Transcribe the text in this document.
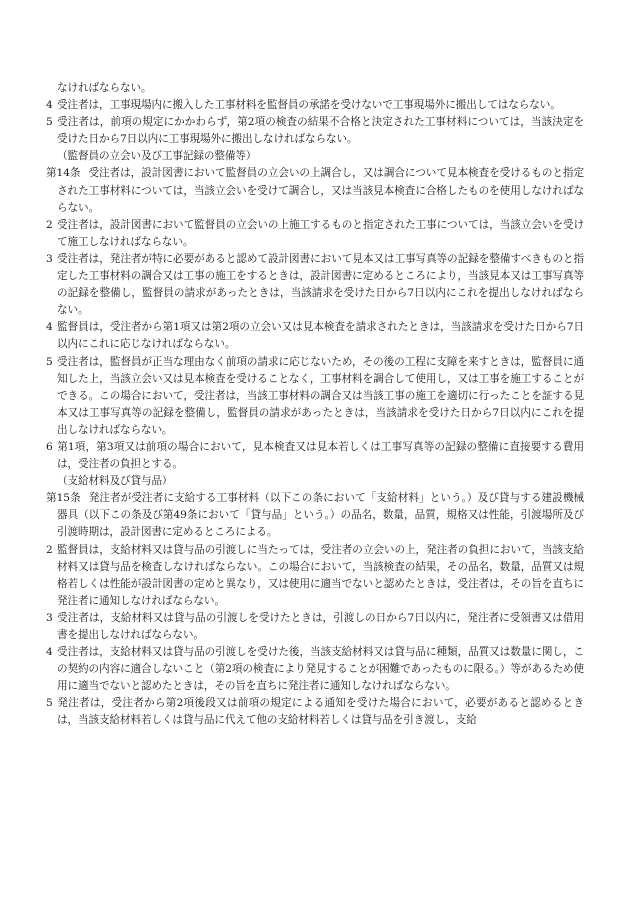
なければならない。

4 受注者は，工事現場内に搬入した工事材料を監督員の承諾を受けないで工事現場外に搬出してはならない。

5 受注者は，前項の規定にかかわらず，第2項の検査の結果不合格と決定された工事材料については，当該決定を受けた日から7日以内に工事現場外に搬出しなければならない。

（監督員の立会い及び工事記録の整備等）

第14条 受注者は，設計図書において監督員の立会いの上調合し，又は調合について見本検査を受けるものと指定された工事材料については，当該立会いを受けて調合し，又は当該見本検査に合格したものを使用しなければならない。

2 受注者は，設計図書において監督員の立会いの上施工するものと指定された工事については，当該立会いを受けて施工しなければならない。

3 受注者は，発注者が特に必要があると認めて設計図書において見本又は工事写真等の記録を整備すべきものと指定した工事材料の調合又は工事の施工をするときは，設計図書に定めるところにより，当該見本又は工事写真等の記録を整備し，監督員の請求があったときは，当該請求を受けた日から7日以内にこれを提出しなければならない。

4 監督員は，受注者から第1項又は第2項の立会い又は見本検査を請求されたときは，当該請求を受けた日から7日以内にこれに応じなければならない。

5 受注者は，監督員が正当な理由なく前項の請求に応じないため，その後の工程に支障を来すときは，監督員に通知した上，当該立会い又は見本検査を受けることなく，工事材料を調合して使用し，又は工事を施工することができる。この場合において，受注者は，当該工事材料の調合又は当該工事の施工を適切に行ったことを証する見本又は工事写真等の記録を整備し，監督員の請求があったときは，当該請求を受けた日から7日以内にこれを提出しなければならない。

6 第1項，第3項又は前項の場合において，見本検査又は見本若しくは工事写真等の記録の整備に直接要する費用は，受注者の負担とする。

（支給材料及び貸与品）

第15条 発注者が受注者に支給する工事材料（以下この条において「支給材料」という。）及び貸与する建設機械器具（以下この条及び第49条において「貸与品」という。）の品名，数量，品質，規格又は性能，引渡場所及び引渡時期は，設計図書に定めるところによる。

2 監督員は，支給材料又は貸与品の引渡しに当たっては，受注者の立会いの上，発注者の負担において，当該支給材料又は貸与品を検査しなければならない。この場合において，当該検査の結果，その品名，数量，品質又は規格若しくは性能が設計図書の定めと異なり，又は使用に適当でないと認めたときは，受注者は，その旨を直ちに発注者に通知しなければならない。

3 受注者は，支給材料又は貸与品の引渡しを受けたときは，引渡しの日から7日以内に，発注者に受領書又は借用書を提出しなければならない。

4 受注者は，支給材料又は貸与品の引渡しを受けた後，当該支給材料又は貸与品に種類，品質又は数量に関し，この契約の内容に適合しないこと（第2項の検査により発見することが困難であったものに限る。）等があるため使用に適当でないと認めたときは，その旨を直ちに発注者に通知しなければならない。

5 発注者は，受注者から第2項後段又は前項の規定による通知を受けた場合において，必要があると認めるときは，当該支給材料若しくは貸与品に代えて他の支給材料若しくは貸与品を引き渡し，支給
